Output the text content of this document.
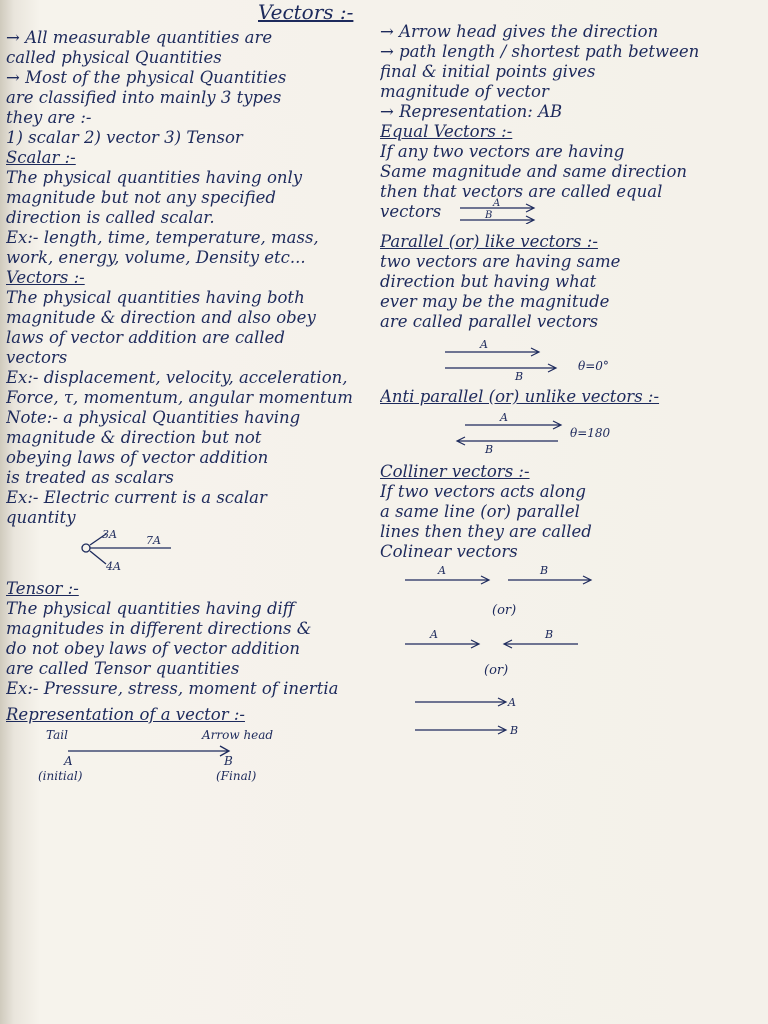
Vectors :-
→ All measurable quantities are
called physical Quantities
→ Most of the physical Quantities
are classified into mainly 3 types
they are :-
1) scalar 2) vector 3) Tensor
Scalar :-
The physical quantities having only
magnitude but not any specified
direction is called scalar.
Ex:- length, time, temperature, mass,
work, energy, volume, Density etc...
Vectors :-
The physical quantities having both
magnitude & direction and also obey
laws of vector addition are called
vectors
Ex:- displacement, velocity, acceleration,
Force, τ, momentum, angular momentum
Note:- a physical Quantities having
magnitude & direction but not
obeying laws of vector addition
is treated as scalars
Ex:- Electric current is a scalar
quantity
3A	7A
4A
Tensor :-
The physical quantities having diff
magnitudes in different directions &
do not obey laws of vector addition
are called Tensor quantities
Ex:- Pressure, stress, moment of inertia
Representation of a vector :-
Tail	Arrow head
A	B
(initial)	(Final)
→ Arrow head gives the direction
→ path length / shortest path between
final & initial points gives
magnitude of vector
→ Representation: AB
Equal Vectors :-
If any two vectors are having
Same magnitude and same direction
then that vectors are called equal
vectors	A
B
Parallel (or) like vectors :-
two vectors are having same
direction but having what
ever may be the magnitude
are called parallel vectors
A
B
θ=0°
Anti parallel (or) unlike vectors :-
A
B
θ=180
Colliner vectors :-
If two vectors acts along
a same line (or) parallel
lines then they are called
Colinear vectors
A	B
(or)
A	B
(or)
A
B
